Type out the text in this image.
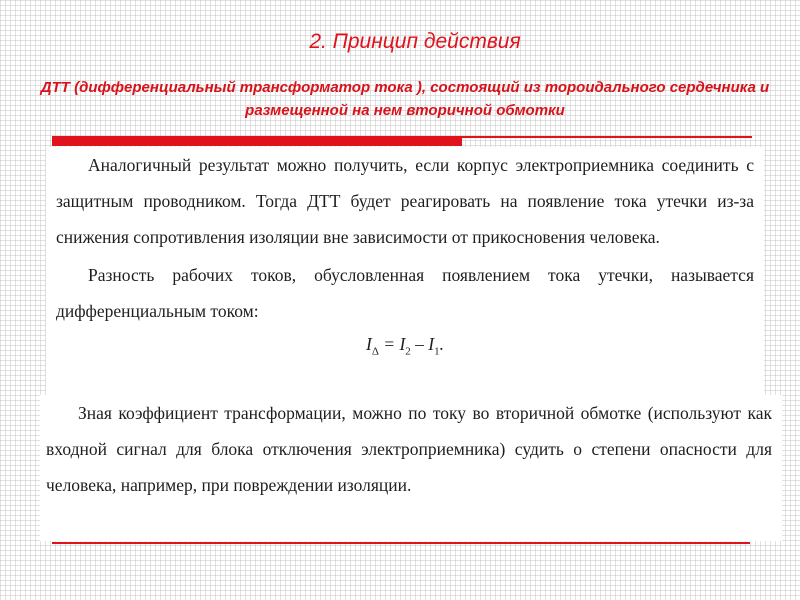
2. Принцип действия

ДТТ (дифференциальный трансформатор тока ), состоящий из тороидального сердечника и размещенной на нем вторичной обмотки

Аналогичный результат можно получить, если корпус электроприемника соединить с защитным проводником. Тогда ДТТ будет реагировать на появление тока утечки из-за снижения сопротивления изоляции вне зависимости от прикосновения человека.

Разность рабочих токов, обусловленная появлением тока утечки, называется дифференциальным током:

$I_\Delta = I_2 - I_1$.

Зная коэффициент трансформации, можно по току во вторичной обмотке (используют как входной сигнал для блока отключения электроприемника) судить о степени опасности для человека, например, при повреждении изоляции.
